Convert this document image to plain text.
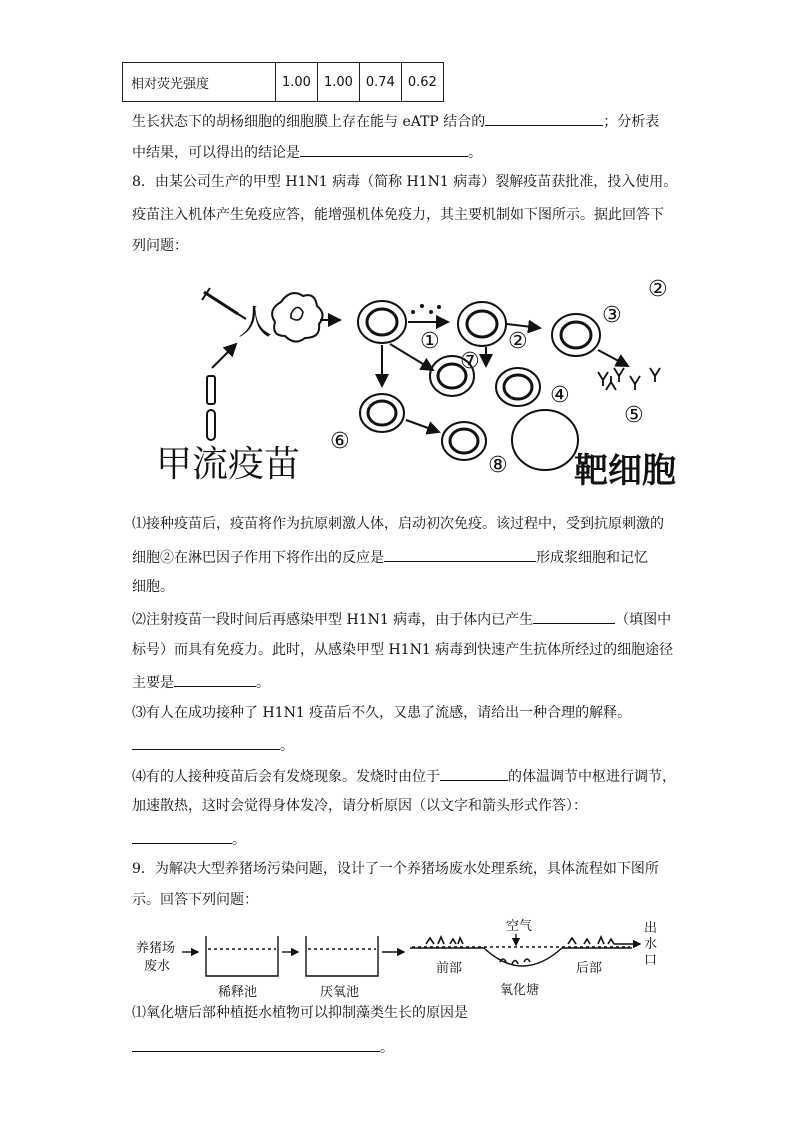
相对荧光强度	1.00	1.00	0.74	0.62
生长状态下的胡杨细胞的细胞膜上存在能与 eATP 结合的	；分析表
中结果，可以得出的结论是	。
8．由某公司生产的甲型 H1N1 病毒（简称 H1N1 病毒）裂解疫苗获批准，投入使用。
疫苗注入机体产生免疫应答，能增强机体免疫力，其主要机制如下图所示。据此回答下
列问题：
人
甲流疫苗	靶细胞
①	②
②
③
④
⑤
⑥
⑦
⑧
⑴接种疫苗后，疫苗将作为抗原刺激人体，启动初次免疫。该过程中，受到抗原刺激的
细胞②在淋巴因子作用下将作出的反应是	形成浆细胞和记忆
细胞。
⑵注射疫苗一段时间后再感染甲型 H1N1 病毒，由于体内已产生	（填图中
标号）而具有免疫力。此时，从感染甲型 H1N1 病毒到快速产生抗体所经过的细胞途径
主要是	。
⑶有人在成功接种了 H1N1 疫苗后不久，又患了流感，请给出一种合理的解释。
。
⑷有的人接种疫苗后会有发烧现象。发烧时由位于	的体温调节中枢进行调节，
加速散热，这时会觉得身体发冷，请分析原因（以文字和箭头形式作答）：
。
9．为解决大型养猪场污染问题，设计了一个养猪场废水处理系统，具体流程如下图所
示。回答下列问题：
养猪场
废水
稀释池	厌氧池
空气
前部
氧化塘
后部
出
水
口
⑴氧化塘后部种植挺水植物可以抑制藻类生长的原因是
。
